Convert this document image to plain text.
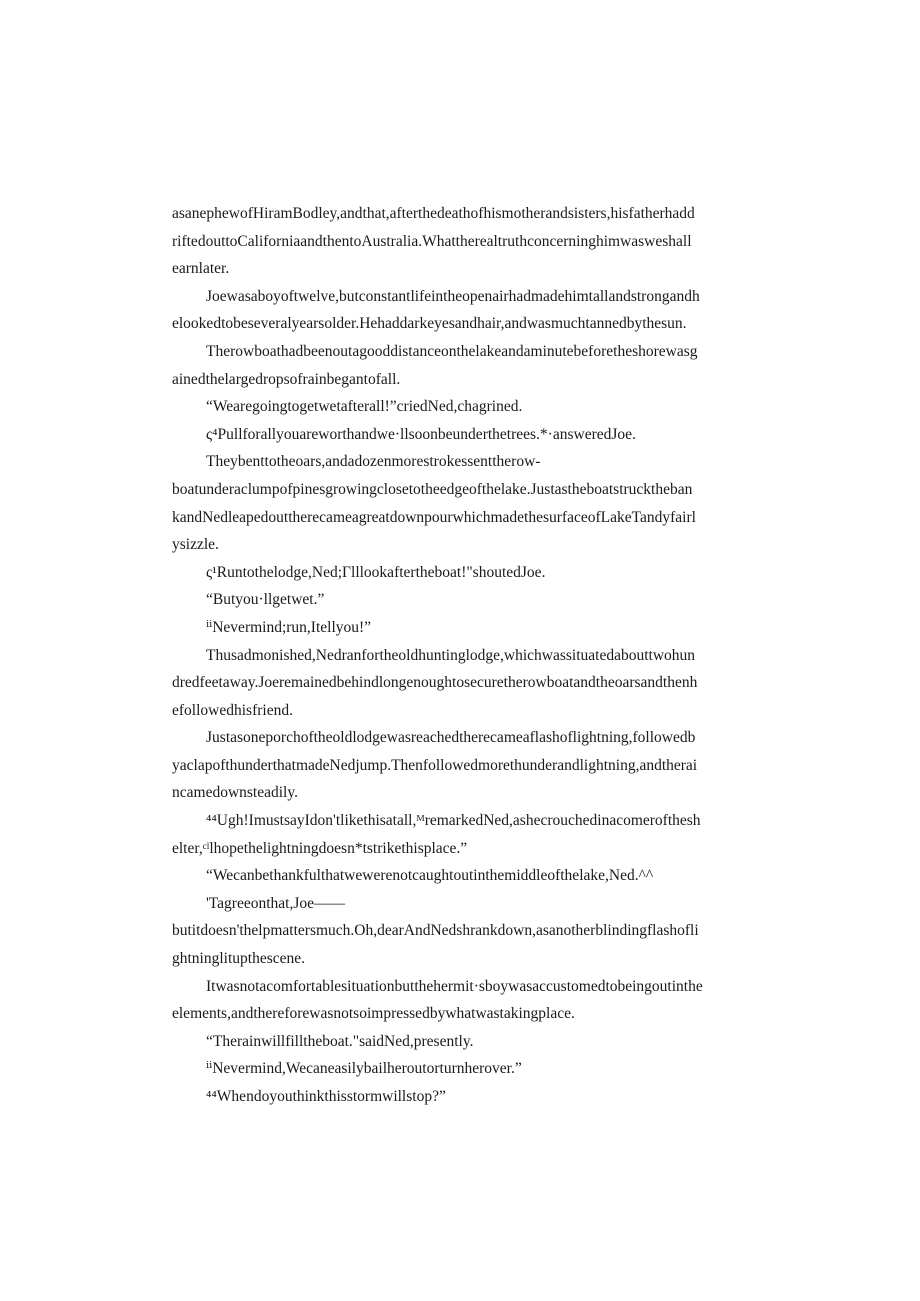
asanephewofHiramBodley,andthat,afterthedeathofhismotherandsisters,hisfatherhadd
riftedouttoCaliforniaandthentoAustralia.Whattherealtruthconcerninghimwasweshall
earnlater.
Joewasaboyoftwelve,butconstantlifeintheopenairhadmadehimtallandstrongandh
elookedtobeseveralyearsolder.Hehaddarkeyesandhair,andwasmuchtannedbythesun.
Therowboathadbeenoutagooddistanceonthelakeandaminutebeforetheshorewasg
ainedthelargedropsofrainbegantofall.
“Wearegoingtogetwetafterall!”criedNed,chagrined.
ς⁴Pullforallyouareworthandwe·llsoonbeunderthetrees.*·answeredJoe.
Theybenttotheoars,andadozenmorestrokessenttherow-
boatunderaclumpofpinesgrowingclosetotheedgeofthelake.Justastheboatstrucktheban
kandNedleapedouttherecameagreatdownpourwhichmadethesurfaceofLakeTandyfairl
ysizzle.
ς¹Runtothelodge,Ned;Γlllookaftertheboat!"shoutedJoe.
“Butyou·llgetwet.”
ⁱⁱNevermind;run,Itellyou!”
Thusadmonished,Nedranfortheoldhuntinglodge,whichwassituatedabouttwohun
dredfeetaway.Joeremainedbehindlongenoughtosecuretherowboatandtheoarsandthenh
efollowedhisfriend.
Justasoneporchoftheoldlodgewasreachedtherecameaflashoflightning,followedb
yaclapofthunderthatmadeNedjump.Thenfollowedmorethunderandlightning,andtherai
ncamedownsteadily.
⁴⁴Ugh!ImustsayIdon'tlikethisatall,ᴹremarkedNed,ashecrouchedinacomerofthesh
elter,ᶜˡlhopethelightningdoesn*tstrikethisplace.”
“Wecanbethankfulthatwewerenotcaughtoutinthemiddleofthelake,Ned.^^
'Tagreeonthat,Joe——
butitdoesn'thelpmattersmuch.Oh,dearAndNedshrankdown,asanotherblindingflashofli
ghtninglitupthescene.
Itwasnotacomfortablesituationbutthehermit·sboywasaccustomedtobeingoutinthe
elements,andthereforewasnotsoimpressedbywhatwastakingplace.
“Therainwillfilltheboat."saidNed,presently.
ⁱⁱNevermind,Wecaneasilybailheroutorturnherover.”
⁴⁴Whendoyouthinkthisstormwillstop?”
